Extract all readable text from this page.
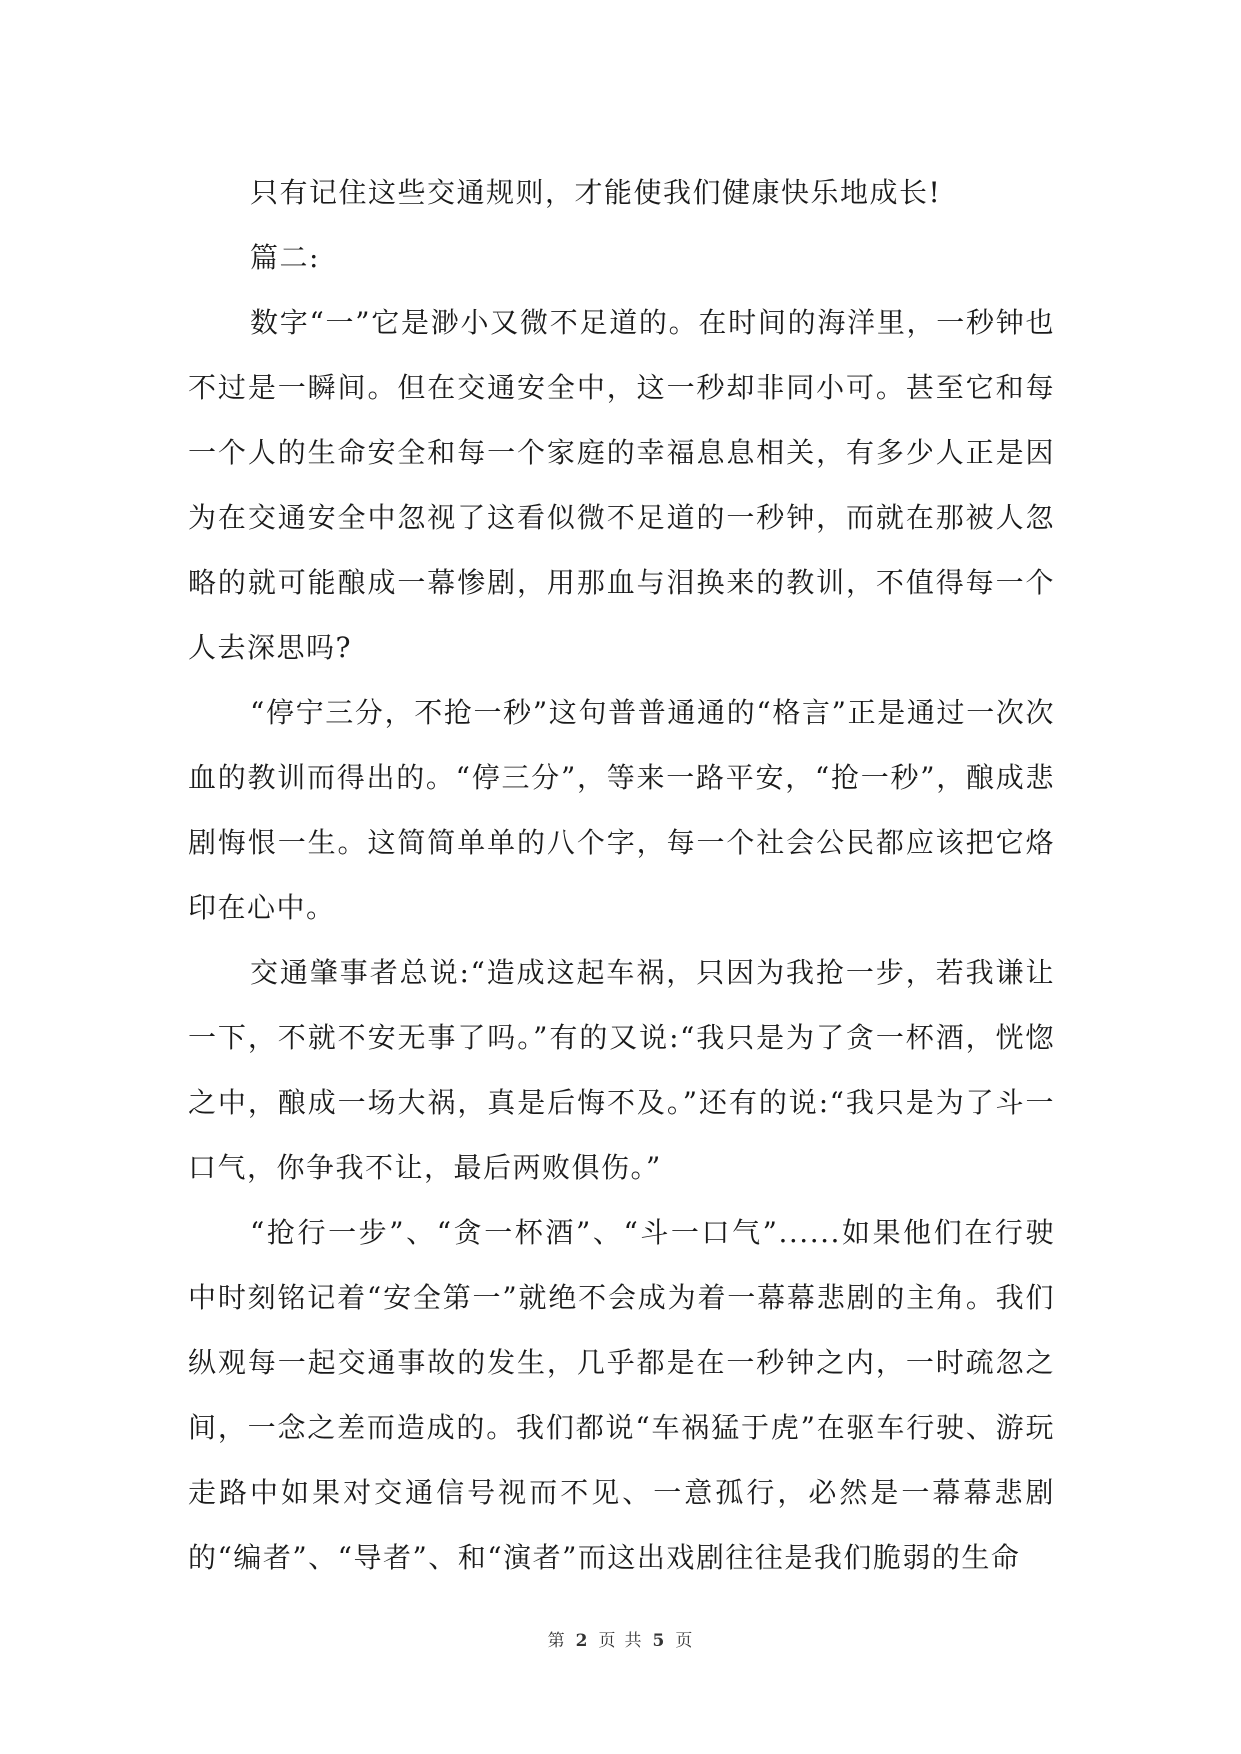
只有记住这些交通规则，才能使我们健康快乐地成长!

篇二:

数字“一”它是渺小又微不足道的。在时间的海洋里，一秒钟也不过是一瞬间。但在交通安全中，这一秒却非同小可。甚至它和每一个人的生命安全和每一个家庭的幸福息息相关，有多少人正是因为在交通安全中忽视了这看似微不足道的一秒钟，而就在那被人忽略的就可能酿成一幕惨剧，用那血与泪换来的教训，不值得每一个人去深思吗?

“停宁三分，不抢一秒”这句普普通通的“格言”正是通过一次次血的教训而得出的。“停三分”，等来一路平安，“抢一秒”，酿成悲剧悔恨一生。这简简单单的八个字，每一个社会公民都应该把它烙印在心中。

交通肇事者总说:“造成这起车祸，只因为我抢一步，若我谦让一下，不就不安无事了吗。”有的又说:“我只是为了贪一杯酒，恍惚之中，酿成一场大祸，真是后悔不及。”还有的说:“我只是为了斗一口气，你争我不让，最后两败俱伤。”

“抢行一步”、“贪一杯酒”、“斗一口气”......如果他们在行驶中时刻铭记着“安全第一”就绝不会成为着一幕幕悲剧的主角。我们纵观每一起交通事故的发生，几乎都是在一秒钟之内，一时疏忽之间，一念之差而造成的。我们都说“车祸猛于虎”在驱车行驶、游玩走路中如果对交通信号视而不见、一意孤行，必然是一幕幕悲剧的“编者”、“导者”、和“演者”而这出戏剧往往是我们脆弱的生命

第 2 页 共 5 页
